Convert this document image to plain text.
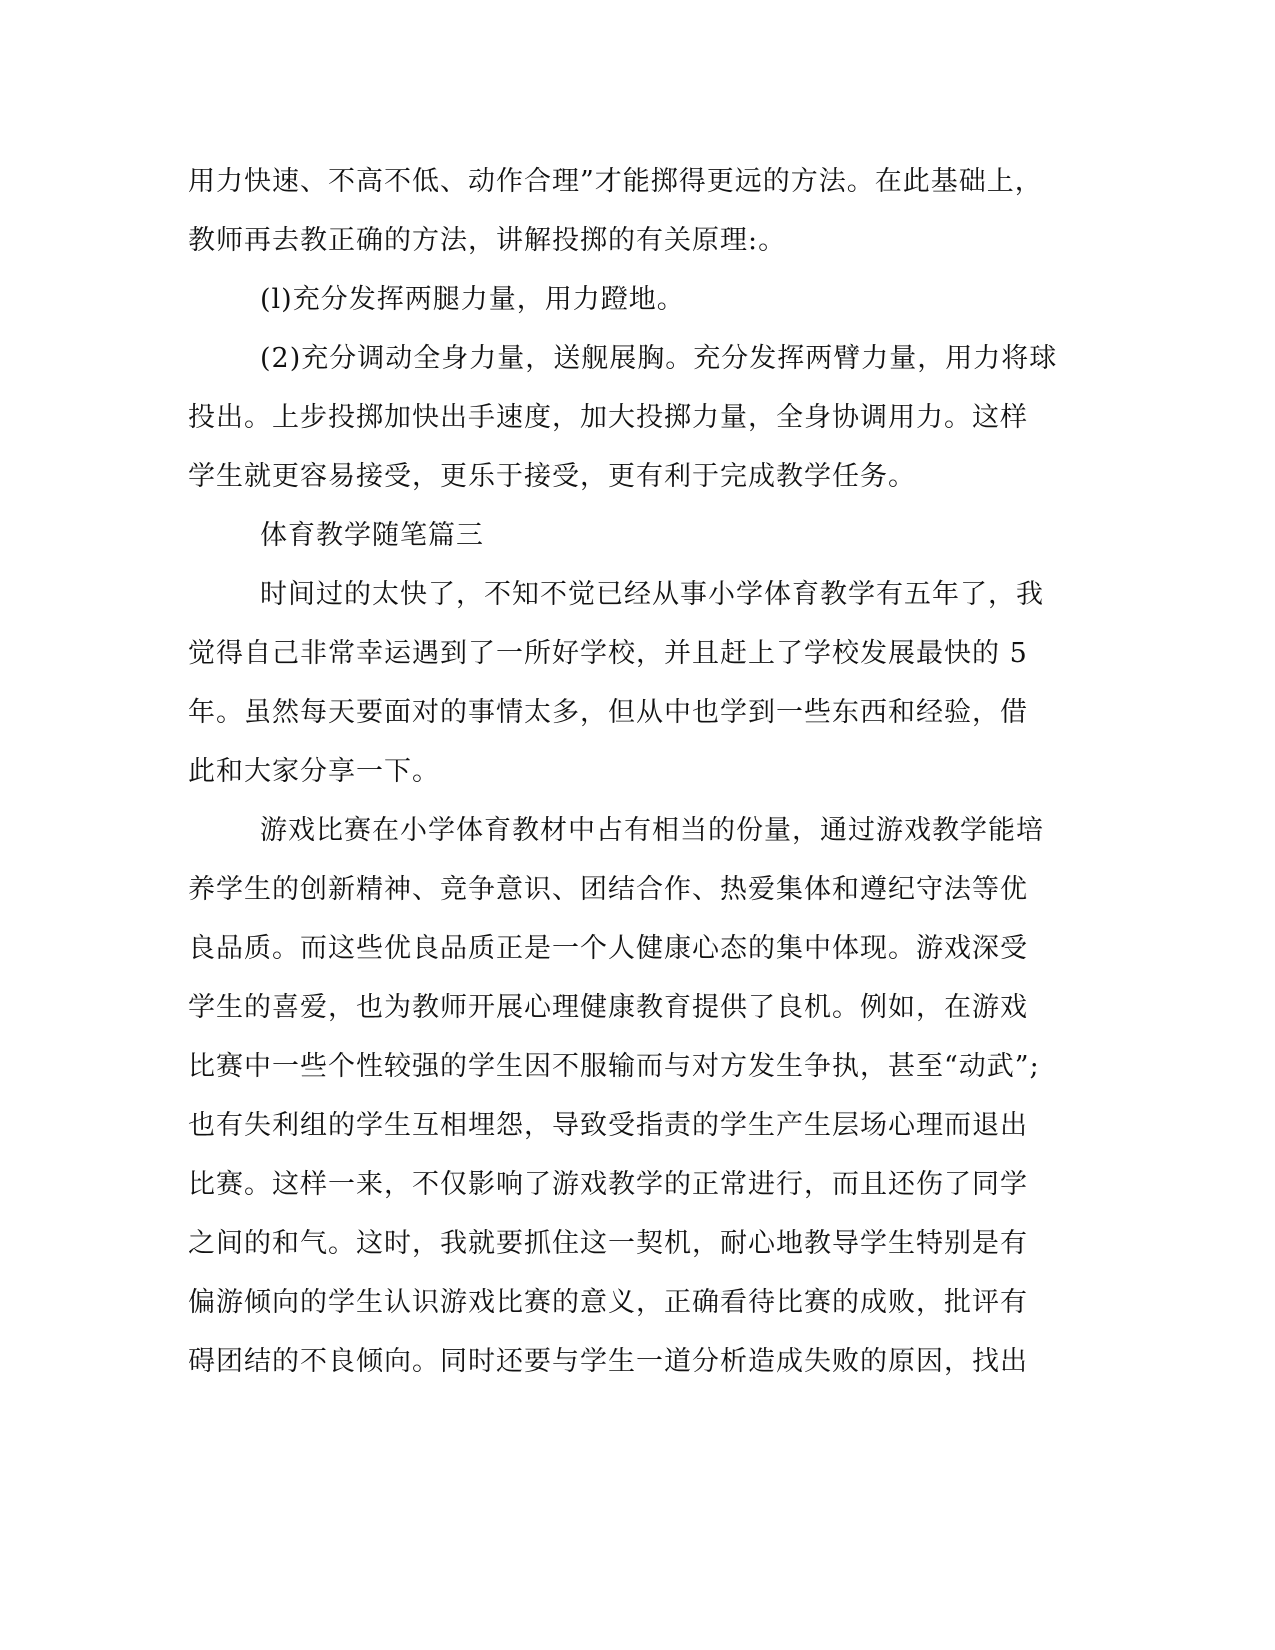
用力快速、不高不低、动作合理”才能掷得更远的方法。在此基础上，
教师再去教正确的方法，讲解投掷的有关原理:。
(l)充分发挥两腿力量，用力蹬地。
(2)充分调动全身力量，送舰展胸。充分发挥两臂力量，用力将球
投出。上步投掷加快出手速度，加大投掷力量，全身协调用力。这样
学生就更容易接受，更乐于接受，更有利于完成教学任务。
体育教学随笔篇三
时间过的太快了，不知不觉已经从事小学体育教学有五年了，我
觉得自己非常幸运遇到了一所好学校，并且赶上了学校发展最快的 5
年。虽然每天要面对的事情太多，但从中也学到一些东西和经验，借
此和大家分享一下。
游戏比赛在小学体育教材中占有相当的份量，通过游戏教学能培
养学生的创新精神、竞争意识、团结合作、热爱集体和遵纪守法等优
良品质。而这些优良品质正是一个人健康心态的集中体现。游戏深受
学生的喜爱，也为教师开展心理健康教育提供了良机。例如，在游戏
比赛中一些个性较强的学生因不服输而与对方发生争执，甚至“动武”;
也有失利组的学生互相埋怨，导致受指责的学生产生层场心理而退出
比赛。这样一来，不仅影响了游戏教学的正常进行，而且还伤了同学
之间的和气。这时，我就要抓住这一契机，耐心地教导学生特别是有
偏游倾向的学生认识游戏比赛的意义，正确看待比赛的成败，批评有
碍团结的不良倾向。同时还要与学生一道分析造成失败的原因，找出
